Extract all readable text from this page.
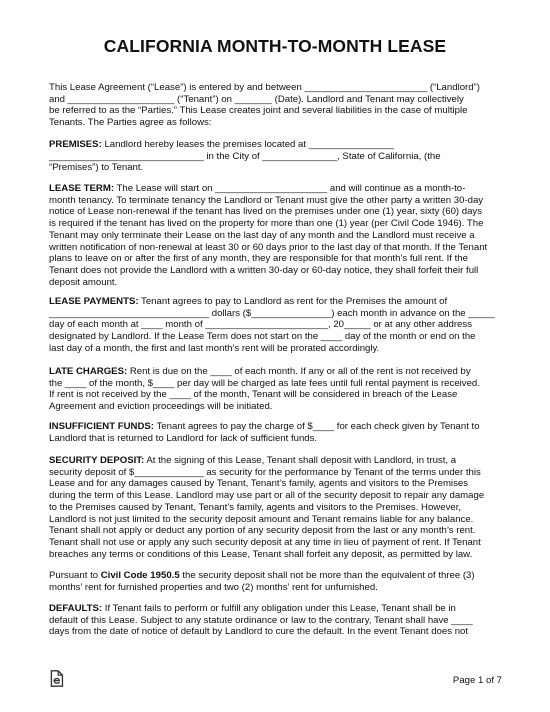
CALIFORNIA MONTH-TO-MONTH LEASE
This Lease Agreement (“Lease”) is entered by and between _______________________ (“Landlord”)
and ____________________ (“Tenant”) on _______ (Date). Landlord and Tenant may collectively
be referred to as the “Parties.” This Lease creates joint and several liabilities in the case of multiple
Tenants. The Parties agree as follows:
PREMISES: Landlord hereby leases the premises located at ________________
_____________________________ in the City of ______________, State of California, (the
“Premises”) to Tenant.
LEASE TERM: The Lease will start on _____________________ and will continue as a month-to-
month tenancy. To terminate tenancy the Landlord or Tenant must give the other party a written 30-day
notice of Lease non-renewal if the tenant has lived on the premises under one (1) year, sixty (60) days
is required if the tenant has lived on the property for more than one (1) year (per Civil Code 1946). The
Tenant may only terminate their Lease on the last day of any month and the Landlord must receive a
written notification of non-renewal at least 30 or 60 days prior to the last day of that month. If the Tenant
plans to leave on or after the first of any month, they are responsible for that month’s full rent. If the
Tenant does not provide the Landlord with a written 30-day or 60-day notice, they shall forfeit their full
deposit amount.
LEASE PAYMENTS: Tenant agrees to pay to Landlord as rent for the Premises the amount of
______________________________ dollars ($_______________) each month in advance on the _____
day of each month at ____ month of _______________________, 20_____ or at any other address
designated by Landlord. If the Lease Term does not start on the ____ day of the month or end on the
last day of a month, the first and last month’s rent will be prorated accordingly.
LATE CHARGES: Rent is due on the ____ of each month. If any or all of the rent is not received by
the ____ of the month, $____ per day will be charged as late fees until full rental payment is received.
If rent is not received by the ____ of the month, Tenant will be considered in breach of the Lease
Agreement and eviction proceedings will be initiated.
INSUFFICIENT FUNDS: Tenant agrees to pay the charge of $____ for each check given by Tenant to
Landlord that is returned to Landlord for lack of sufficient funds.
SECURITY DEPOSIT: At the signing of this Lease, Tenant shall deposit with Landlord, in trust, a
security deposit of $_____________ as security for the performance by Tenant of the terms under this
Lease and for any damages caused by Tenant, Tenant’s family, agents and visitors to the Premises
during the term of this Lease. Landlord may use part or all of the security deposit to repair any damage
to the Premises caused by Tenant, Tenant’s family, agents and visitors to the Premises. However,
Landlord is not just limited to the security deposit amount and Tenant remains liable for any balance.
Tenant shall not apply or deduct any portion of any security deposit from the last or any month’s rent.
Tenant shall not use or apply any such security deposit at any time in lieu of payment of rent. If Tenant
breaches any terms or conditions of this Lease, Tenant shall forfeit any deposit, as permitted by law.
Pursuant to Civil Code 1950.5 the security deposit shall not be more than the equivalent of three (3)
months’ rent for furnished properties and two (2) months’ rent for unfurnished.
DEFAULTS: If Tenant fails to perform or fulfill any obligation under this Lease, Tenant shall be in
default of this Lease. Subject to any statute ordinance or law to the contrary, Tenant shall have ____
days from the date of notice of default by Landlord to cure the default. In the event Tenant does not
Page 1 of 7
